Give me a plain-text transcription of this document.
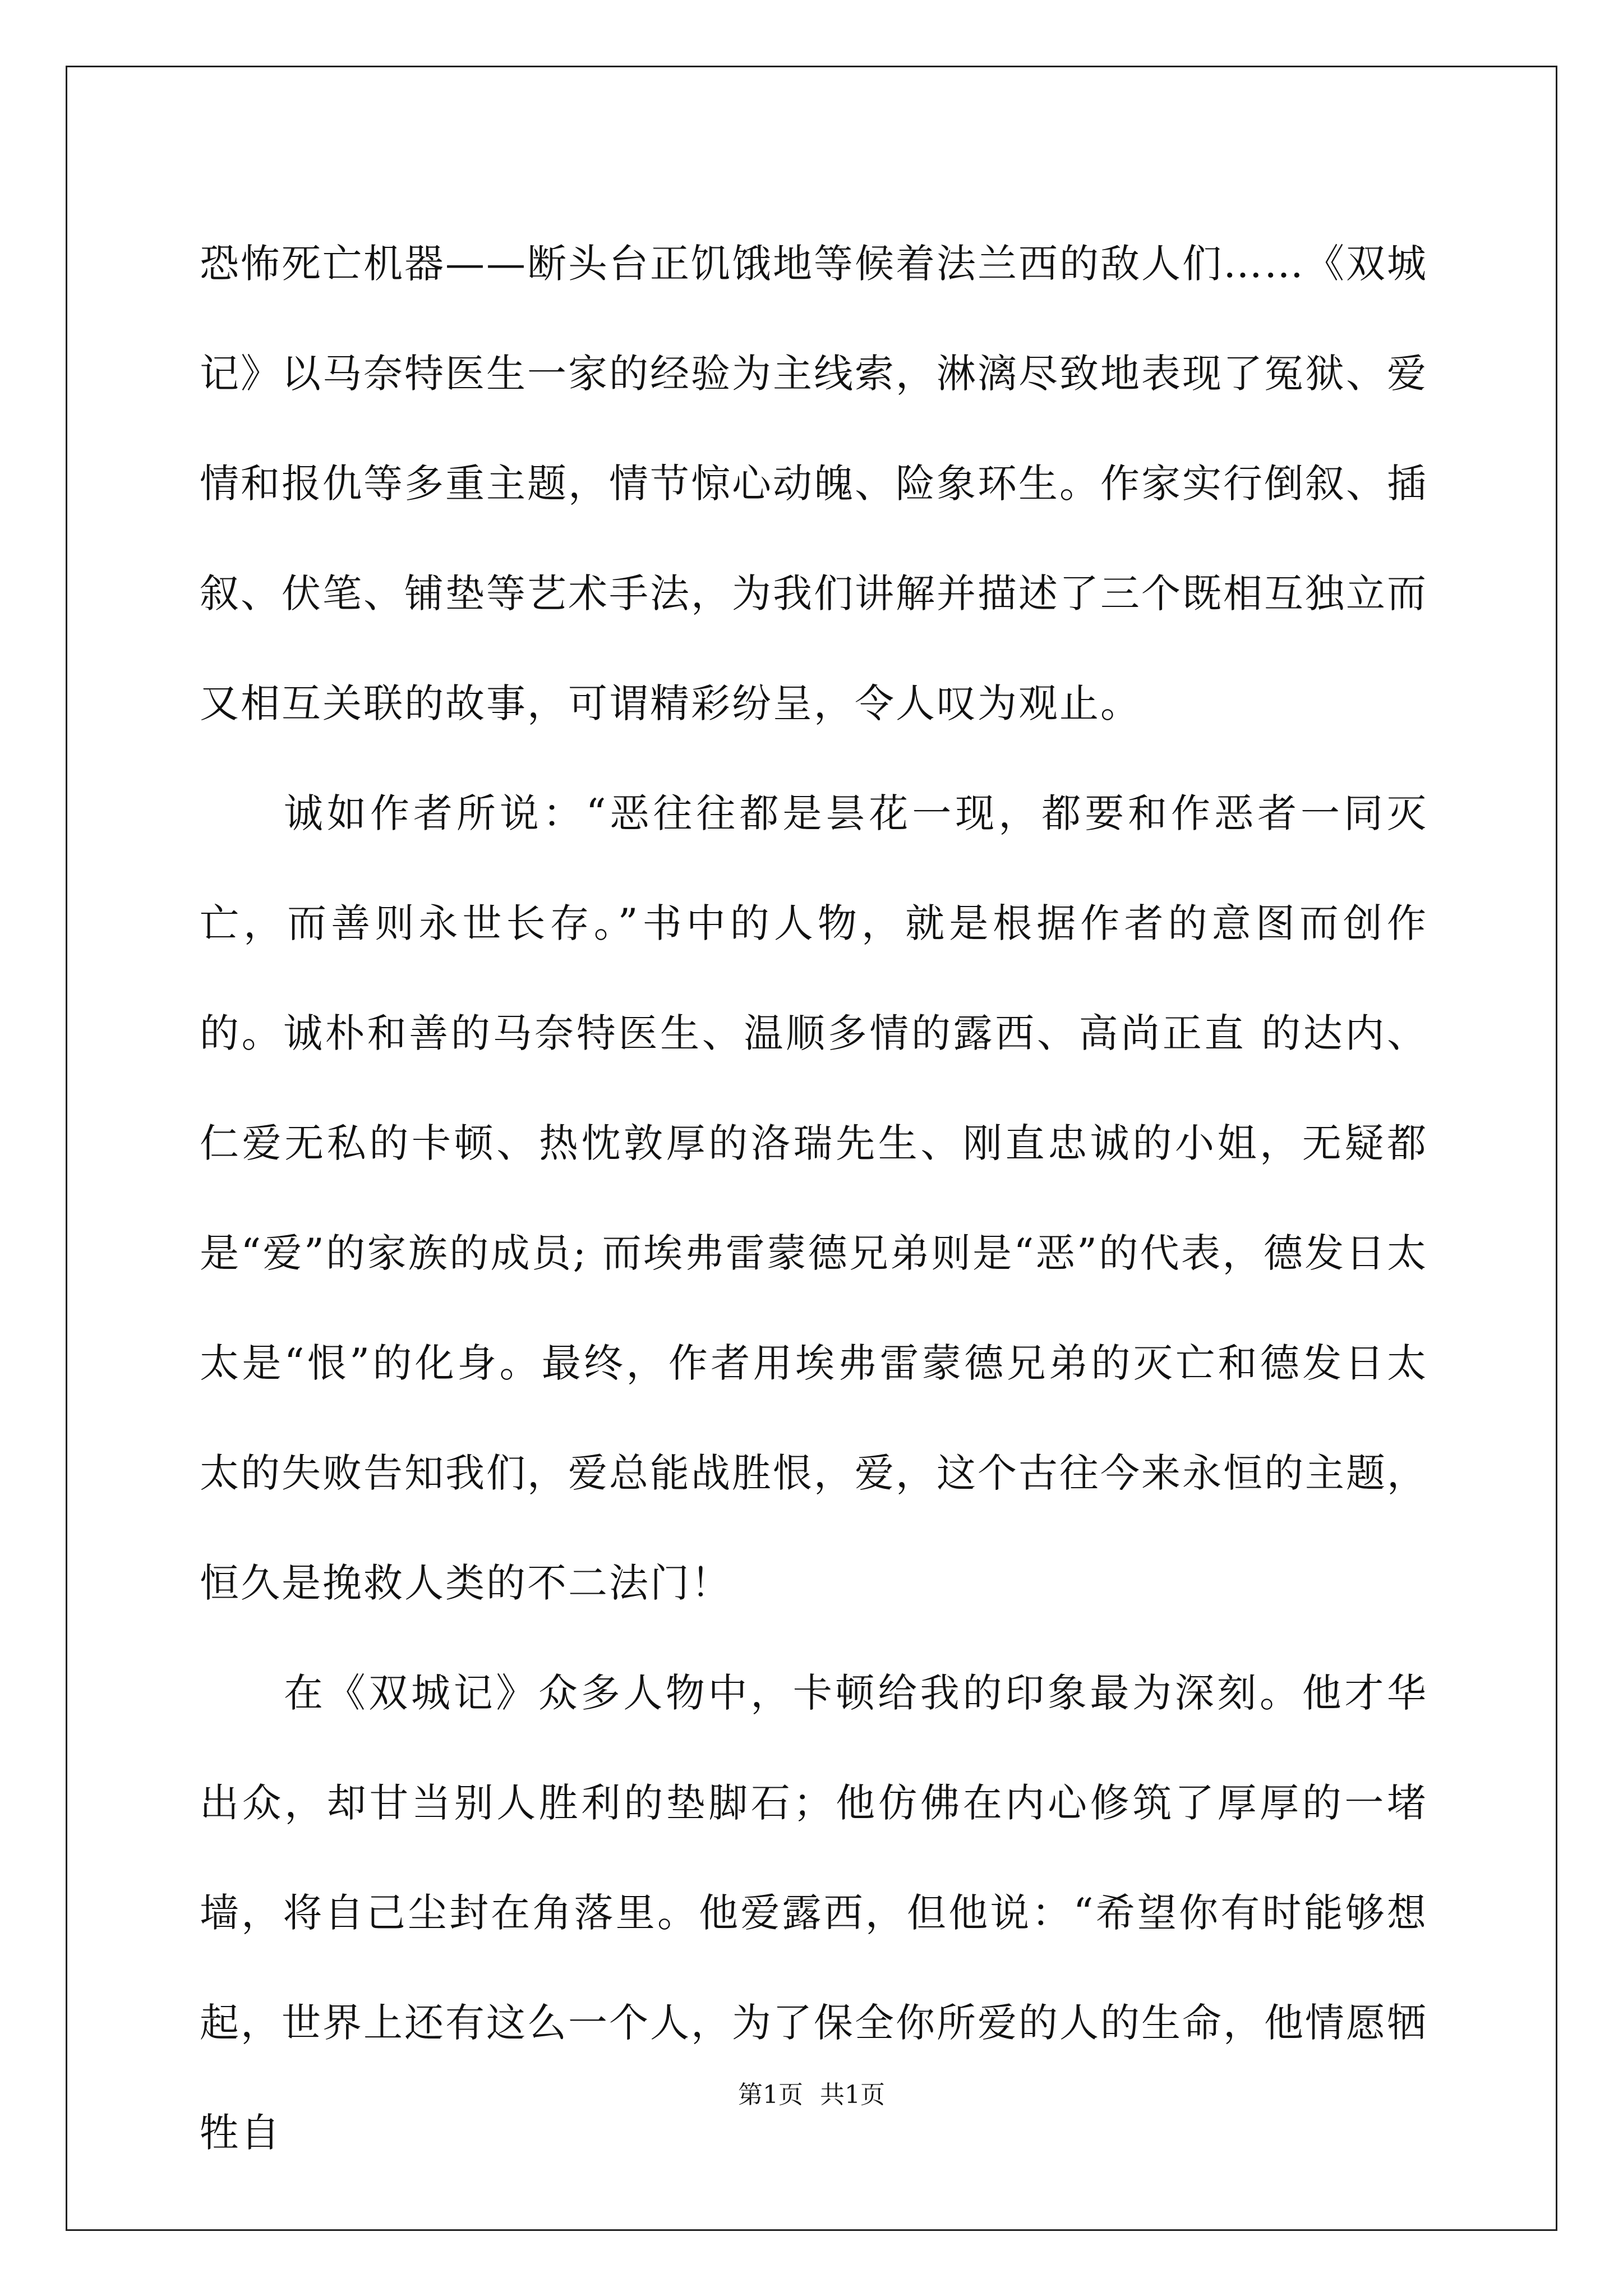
恐怖死亡机器——断头台正饥饿地等候着法兰西的敌人们……《双城记》以马奈特医生一家的经验为主线索，淋漓尽致地表现了冤狱、爱情和报仇等多重主题，情节惊心动魄、险象环生。作家实行倒叙、插叙、伏笔、铺垫等艺术手法，为我们讲解并描述了三个既相互独立而又相互关联的故事，可谓精彩纷呈，令人叹为观止。

诚如作者所说：“恶往往都是昙花一现，都要和作恶者一同灭亡，而善则永世长存。”书中的人物，就是根据作者的意图而创作的。诚朴和善的马奈特医生、温顺多情的露西、高尚正直 的达内、仁爱无私的卡顿、热忱敦厚的洛瑞先生、刚直忠诚的小姐，无疑都是“爱”的家族的成员; 而埃弗雷蒙德兄弟则是“恶”的代表，德发日太太是“恨”的化身。最终，作者用埃弗雷蒙德兄弟的灭亡和德发日太太的失败告知我们，爱总能战胜恨，爱，这个古往今来永恒的主题，恒久是挽救人类的不二法门！

在《双城记》众多人物中，卡顿给我的印象最为深刻。他才华出众，却甘当别人胜利的垫脚石；他仿佛在内心修筑了厚厚的一堵墙，将自己尘封在角落里。他爱露西，但他说：“希望你有时能够想起，世界上还有这么一个人，为了保全你所爱的人的生命，他情愿牺牲自

第1页 共1页
